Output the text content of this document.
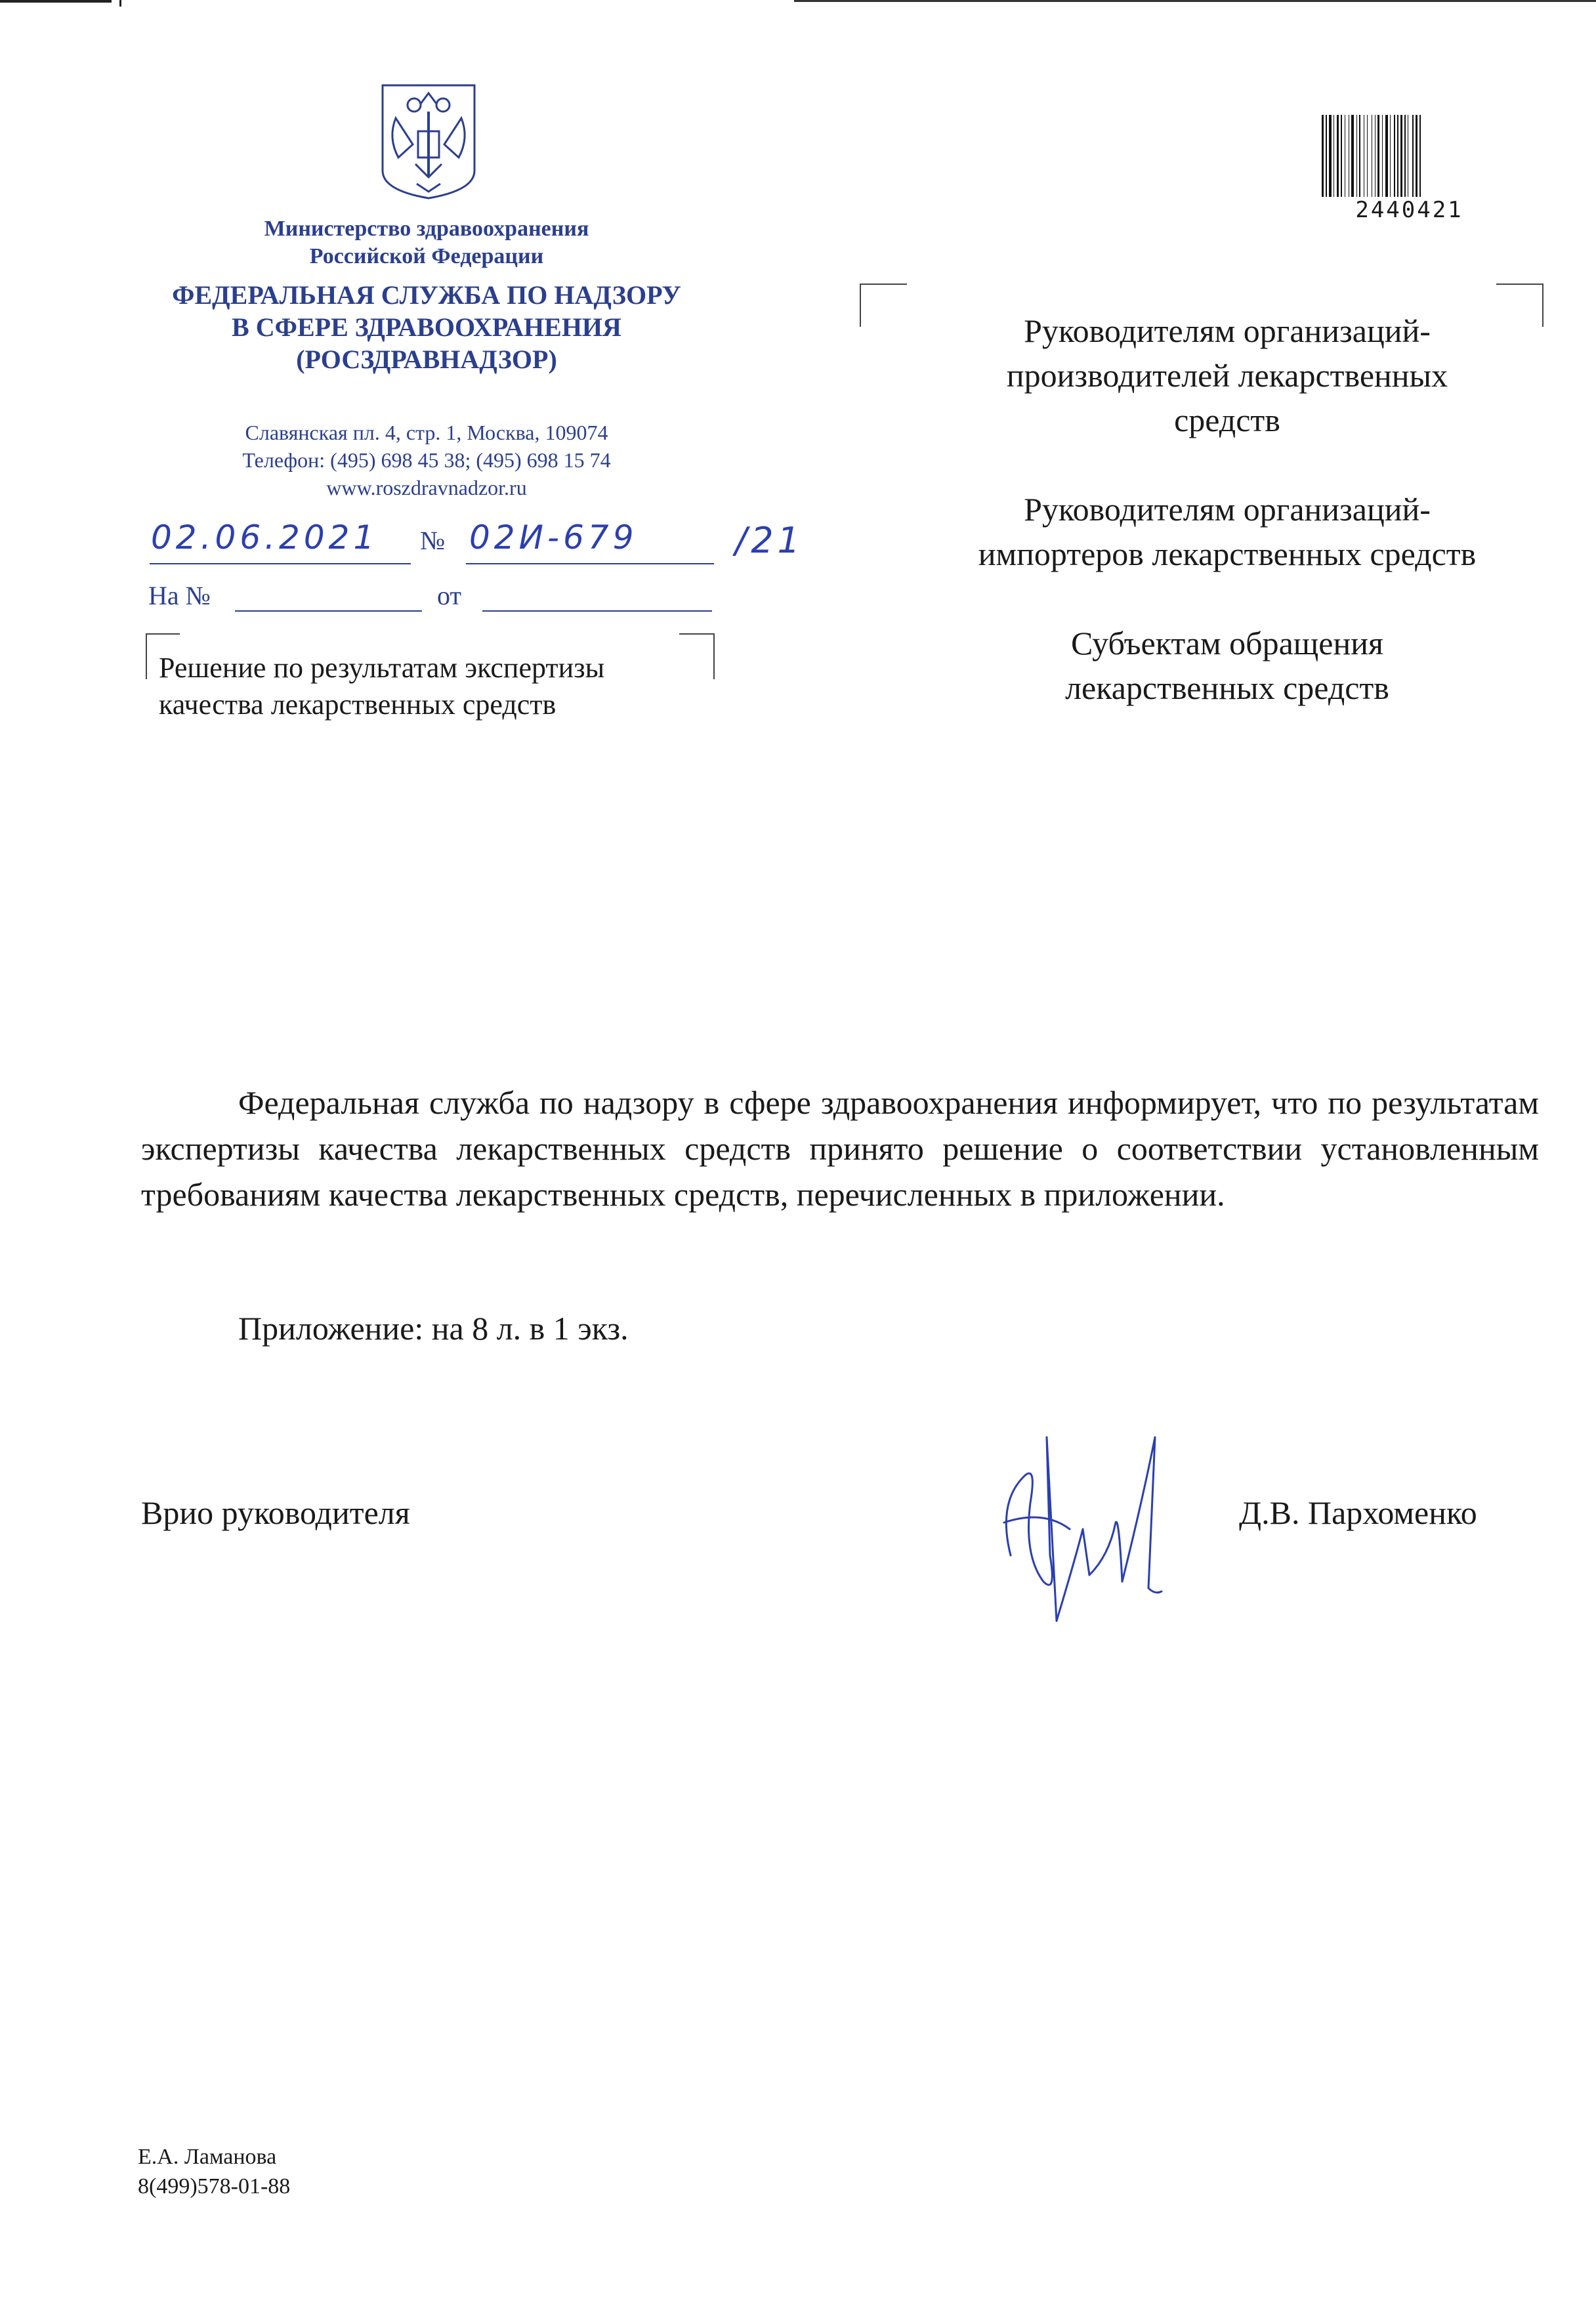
Министерство здравоохранения
Российской Федерации
ФЕДЕРАЛЬНАЯ СЛУЖБА ПО НАДЗОРУ
В СФЕРЕ ЗДРАВООХРАНЕНИЯ
(РОСЗДРАВНАДЗОР)
Славянская пл. 4, стр. 1, Москва, 109074
Телефон: (495) 698 45 38; (495) 698 15 74
www.roszdravnadzor.ru
02.06.2021 № 02И-679	/21
На №	от
Решение по результатам экспертизы
качества лекарственных средств
2440421

Руководителям организаций-
производителей лекарственных
средств

Руководителям организаций-
импортеров лекарственных средств

Субъектам обращения
лекарственных средств

Федеральная служба по надзору в сфере здравоохранения информирует, что по результатам экспертизы качества лекарственных средств принято решение о соответствии установленным требованиям качества лекарственных средств, перечисленных в приложении.
Приложение: на 8 л. в 1 экз.
Врио руководителя	Д.В. Пархоменко
Е.А. Ламанова
8(499)578-01-88
